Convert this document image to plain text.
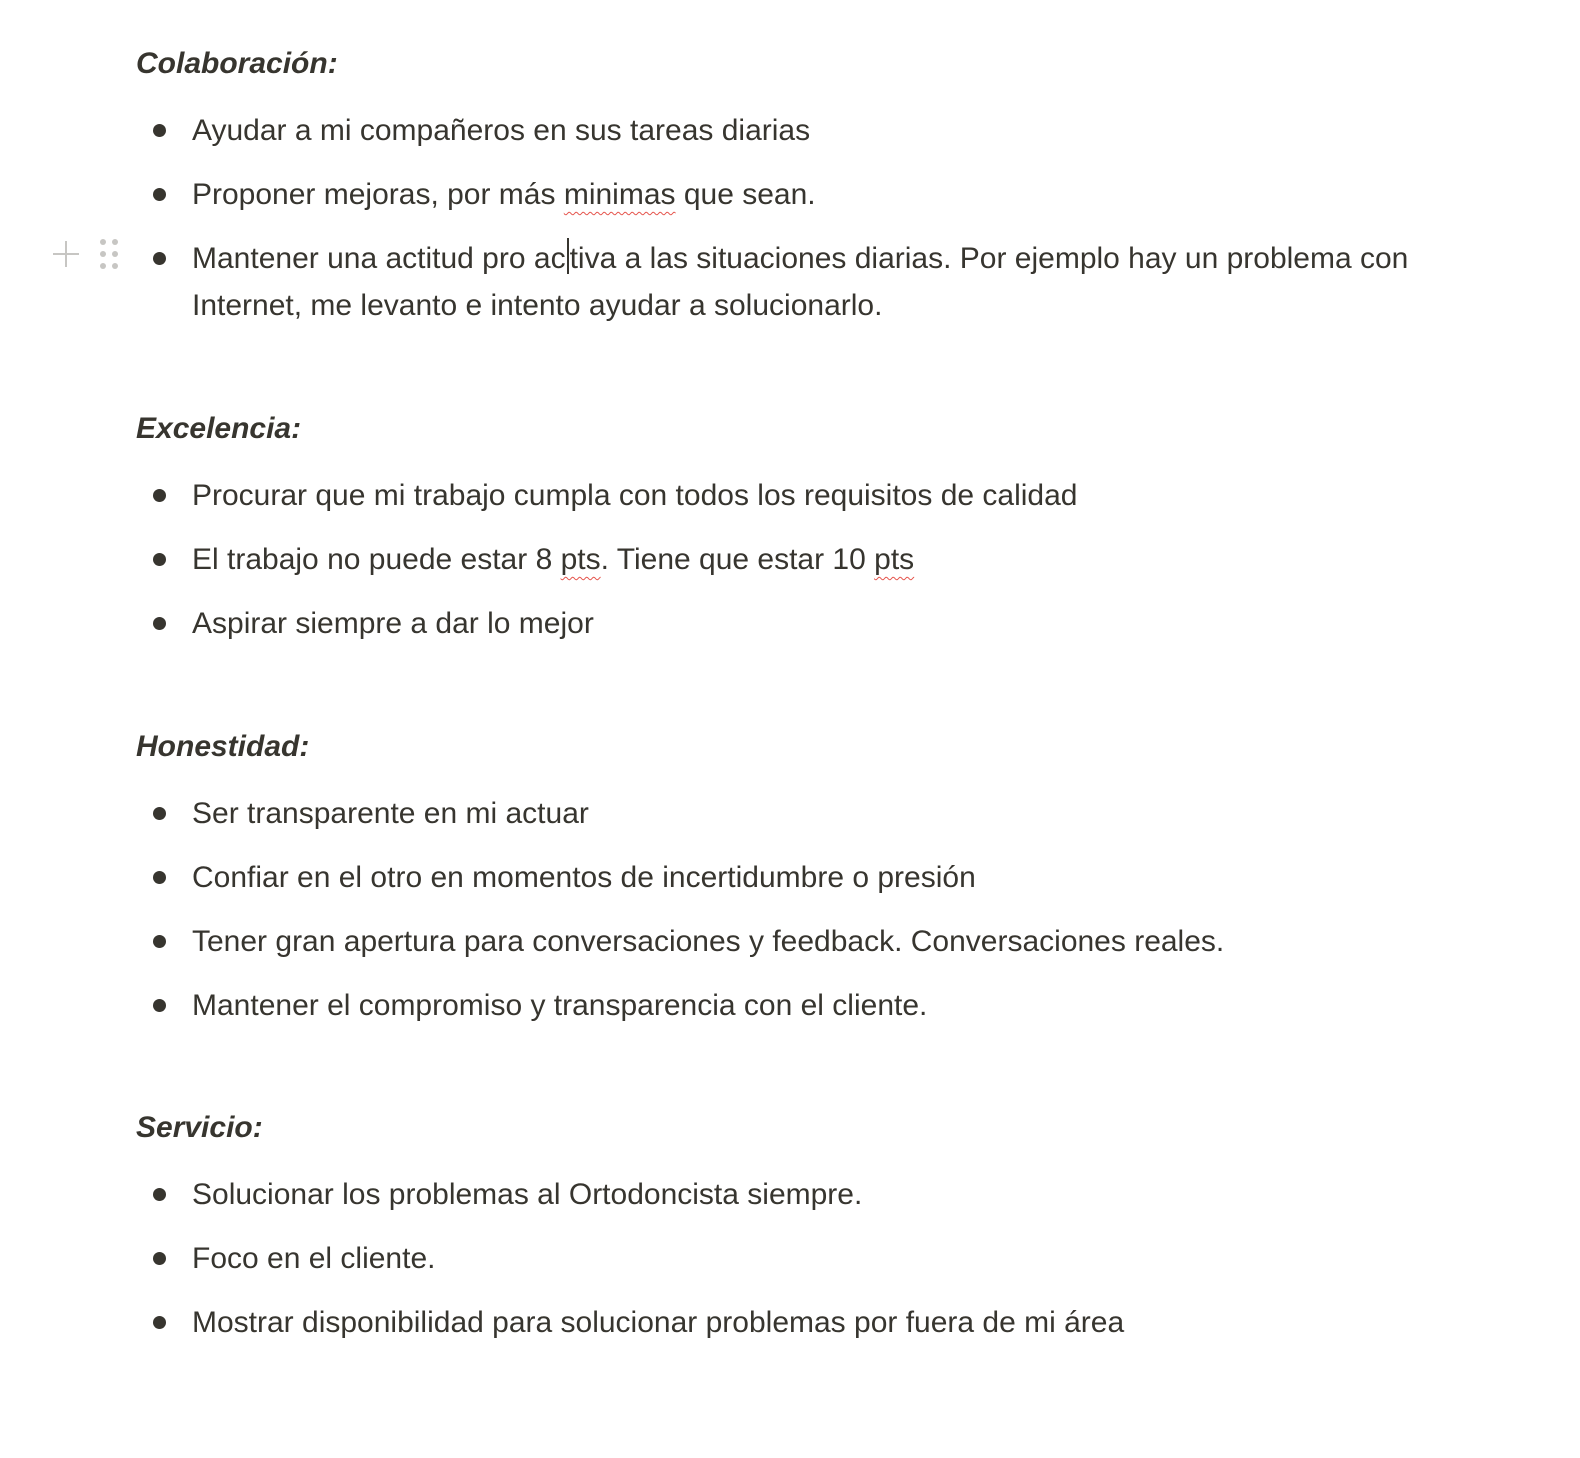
Colaboración:

Ayudar a mi compañeros en sus tareas diarias
Proponer mejoras, por más minimas que sean.
Mantener una actitud pro ac tiva a las situaciones diarias. Por ejemplo hay un problema con Internet, me levanto e intento ayudar a solucionarlo.

Excelencia:

Procurar que mi trabajo cumpla con todos los requisitos de calidad
El trabajo no puede estar 8 pts. Tiene que estar 10 pts
Aspirar siempre a dar lo mejor

Honestidad:

Ser transparente en mi actuar
Confiar en el otro en momentos de incertidumbre o presión
Tener gran apertura para conversaciones y feedback. Conversaciones reales.
Mantener el compromiso y transparencia con el cliente.

Servicio:

Solucionar los problemas al Ortodoncista siempre.
Foco en el cliente.
Mostrar disponibilidad para solucionar problemas por fuera de mi área
